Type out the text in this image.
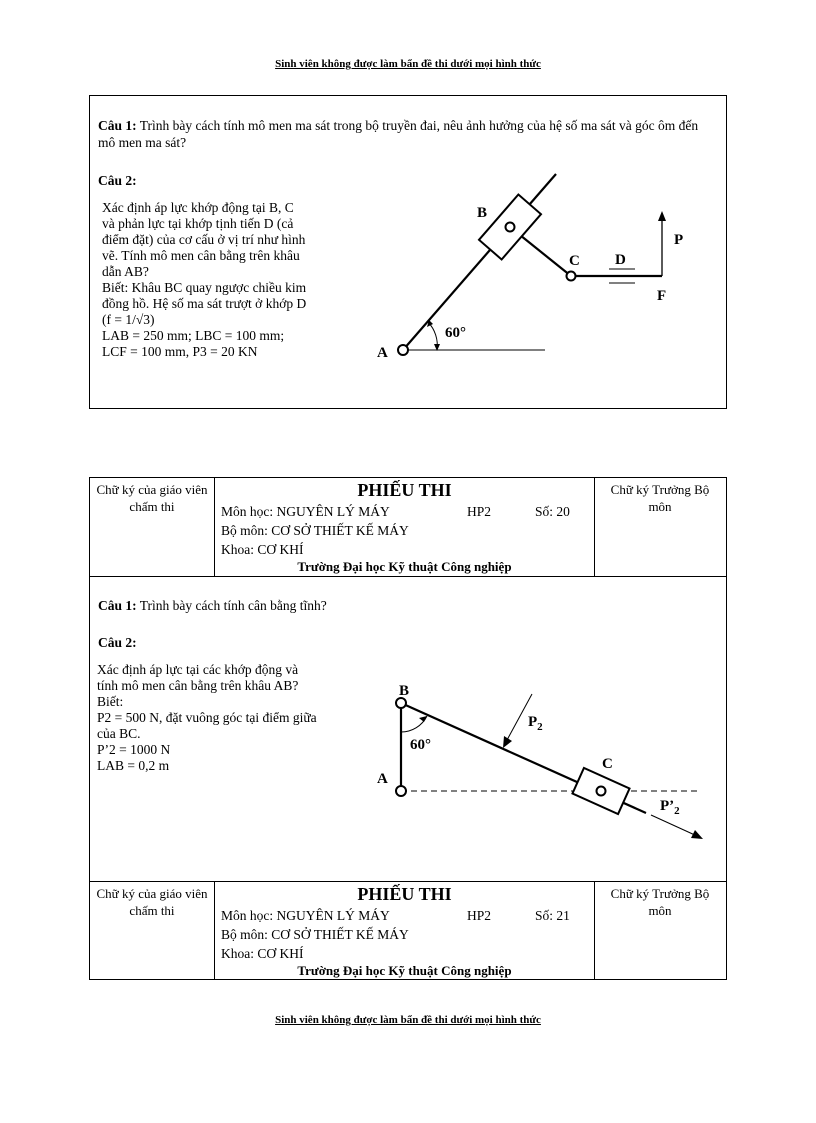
Sinh viên không được làm bẩn đề thi dưới mọi hình thức
Câu 1: Trình bày cách tính mô men ma sát trong bộ truyền đai, nêu ảnh hưởng của hệ số ma sát và góc ôm đến mô men ma sát?
Câu 2:
Xác định áp lực khớp động tại B, C
và phản lực tại khớp tịnh tiến D (cả
điểm đặt) của cơ cấu ở vị trí như hình
vẽ. Tính mô men cân bằng trên khâu
dẫn AB?
Biết: Khâu BC quay ngược chiều kim
đồng hồ. Hệ số ma sát trượt ở khớp D
(f = 1/√3)
LAB = 250 mm; LBC = 100 mm;
LCF = 100 mm, P3 = 20 KN
B
C D
F
P
A
60°
Chữ ký của giáo viên chấm thi
PHIẾU THI
Môn học: NGUYÊN LÝ MÁY	HP2	Số: 20
Bộ môn: CƠ SỞ THIẾT KẾ MÁY
Khoa: CƠ KHÍ
Trường Đại học Kỹ thuật Công nghiệp
Chữ ký Trưởng Bộ môn
Câu 1: Trình bày cách tính cân bằng tĩnh?
Câu 2:
Xác định áp lực tại các khớp động và
tính mô men cân bằng trên khâu AB?
Biết:
P2 = 500 N, đặt vuông góc tại điểm giữa
của BC.
P’2 = 1000 N
LAB = 0,2 m
B
A
C
60°
$P_2$
$P’_2$
Chữ ký của giáo viên chấm thi
PHIẾU THI
Môn học: NGUYÊN LÝ MÁY	HP2	Số: 21
Bộ môn: CƠ SỞ THIẾT KẾ MÁY
Khoa: CƠ KHÍ
Trường Đại học Kỹ thuật Công nghiệp
Chữ ký Trưởng Bộ môn
Sinh viên không được làm bẩn đề thi dưới mọi hình thức
